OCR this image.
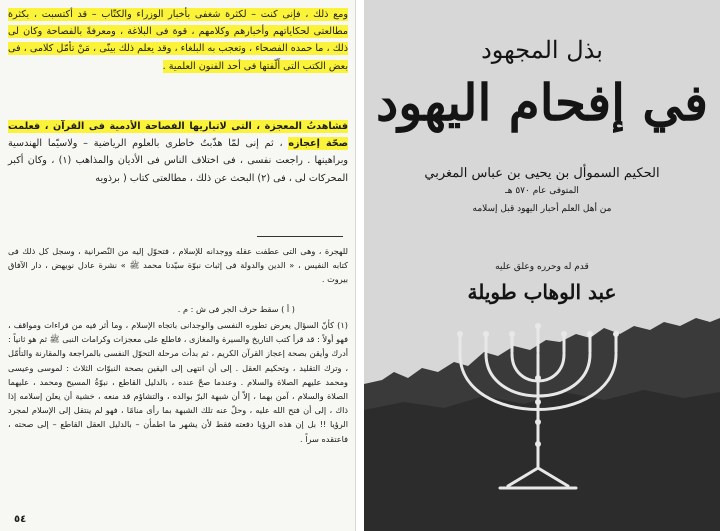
ومع ذلك ، فإنى كنت – لكثرة شغفى بأخبار الوزراء والكتّاب – قد أكتسبت ، بكثرة مطالعتى لحكاياتهم وأخبارهم وكلامهم ، قوة فى البلاغة ، ومعرفةً بالفصاحة وكان لى ذلك ، ما حمده الفصحاء ، وتعجب به البلغاء ، وقد يعلم ذلك بينّى ، مَنْ تأمّل كلامى ، فى بعض الكتب التى أَلّفتها فى أحد الفنون العلمية .
فشاهدتُ المعجزة ، التى لاتباريها الفصاحة الأدمية فى القرآن ، فعلمت صحّة إعجازه ، ثم إنى لمّا هذّبتُ خاطرى بالعلوم الرياضية – ولاسيّما الهندسية وبراهينها . راجعت نفسى ، فى اختلاف الناس فى الأديان والمذاهب (١) ، وكان أكبر المحركات لى ، فى (٢) البحث عن ذلك ، مطالعتى كتاب ( برذويه
للهجرة ، وهى التى عطفت عقله ووجدانه للإسلام ، فتحوّل إليه من النّصرانية ، وسجل كل ذلك فى كتابه النفيس ، « الدين والدولة فى إثبات نبوّة سيّدنا محمد ﷺ » نشرة عادل نويهض ، دار الآفاق بيروت .
( أ ) سقط حرف الجر فى ش : م .
(١) كأنّ السؤال يعرض تطوره النفسى والوجدانى باتجاه الإسلام ، وما أثر فيه من قراءات ومواقف ، فهو أولاً : قد قرأ كتب التاريخ والسيرة والمغازى ، فاطلع على معجزات وكرامات النبى ﷺ ثم هو ثانياً : أدرك وأيقن بصحة إعجاز القرآن الكريم ، ثم بدأت مرحلة التحوّل النفسى بالمراجعة والمقارنة والتأمّل ، وترك التقليد ، وتحكيم العقل . إلى أن انتهى إلى اليقين بصحة النبوّات الثلاث : لموسى وعيسى ومحمد عليهم الصلاة والسلام . وعندما صحّ عنده ، بالدليل القاطع ، نبوّةُ المسيح ومحمد ، عليهما الصلاة والسلام ، آمن بهما ، إلاّ أن شبهة البرّ بوالده ، والتشاؤم قد منعه ، خشية أن يعلن إسلامه إذا ذاك ، إلى أن فتح الله عليه ، وحلّ عنه تلك الشبهة بما رأى منامًا ، فهو لم ينتقل إلى الإسلام لمجرد الرؤيا !! بل إن هذه الرؤيا دفعته فقط لأن يشهر ما اطمأن – بالدليل العقل القاطع – إلى صحته ، فاعتقده سراً .
٥٤
بذل المجهود
في إفحام اليهود
الحكيم السموأل بن يحيى بن عباس المغربي
المتوفى عام ٥٧٠ هـ
من أهل العلم أحبار اليهود قبل إسلامه
قدم له وحرره وعلق عليه
عبد الوهاب طويلة
